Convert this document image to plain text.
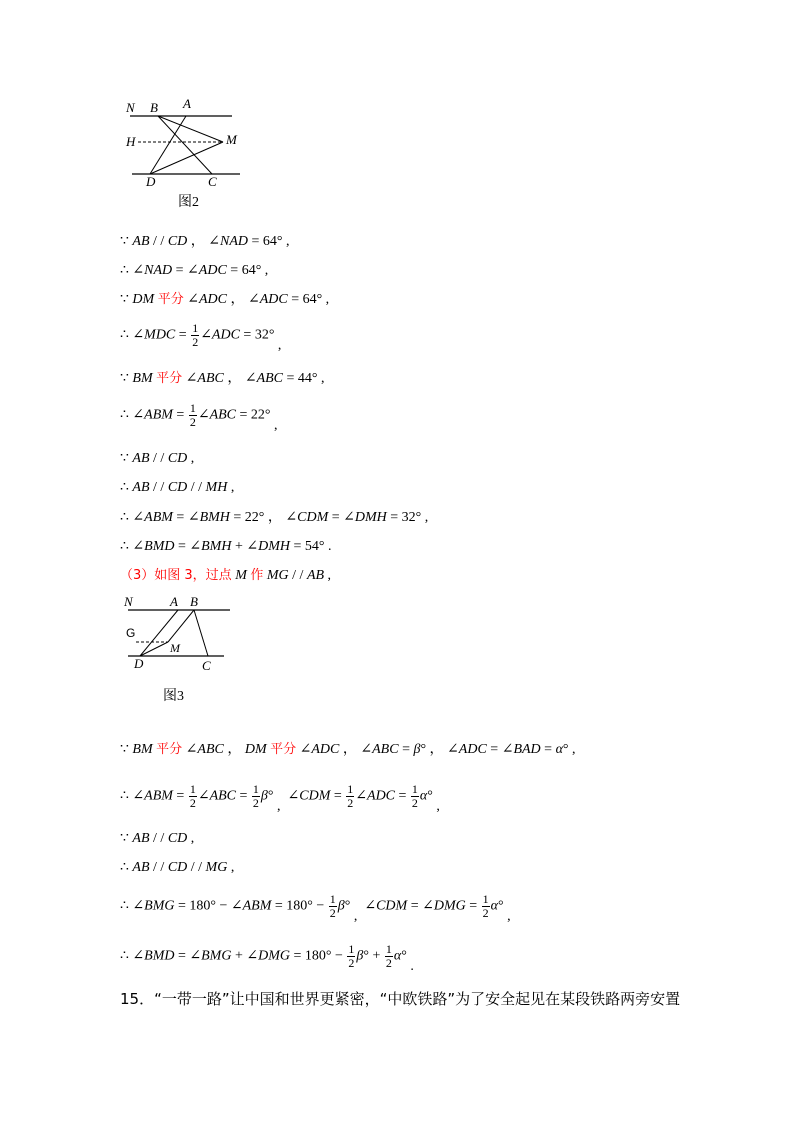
N B A
H	M
D	C
图2
∵ AB / / CD ， ∠NAD = 64° ,
∴ ∠NAD = ∠ADC = 64° ,
∵ DM 平分 ∠ADC ， ∠ADC = 64° ,
∴ ∠MDC = $\frac{1}{2}$ ∠ADC = 32° ,
∵ BM 平分 ∠ABC ， ∠ABC = 44° ,
∴ ∠ABM = $\frac{1}{2}$ ∠ABC = 22° ,
∵ AB / / CD ,
∴ AB / / CD / / MH ,
∴ ∠ABM = ∠BMH = 22° ， ∠CDM = ∠DMH = 32° ,
∴ ∠BMD = ∠BMH + ∠DMH = 54° .
（3）如图 3，过点 M 作 MG / / AB ,
N	A B
G
M
D	C
图3
∵ BM 平分 ∠ABC ， DM 平分 ∠ADC ， ∠ABC = β° ， ∠ADC = ∠BAD = α° ,
∴ ∠ABM = $\frac{1}{2}$ ∠ABC = $\frac{1}{2} \beta^\circ$ ,  ∠CDM = $\frac{1}{2}$ ∠ADC = $\frac{1}{2} \alpha^\circ$ ,
∵ AB / / CD ,
∴ AB / / CD / / MG ,
∴ ∠BMG = 180° − ∠ABM = $180^\circ - \frac{1}{2} \beta^\circ$ ,  ∠CDM = ∠DMG = $\frac{1}{2} \alpha^\circ$ ,
∴ ∠BMD = ∠BMG + ∠DMG = $180^\circ - \frac{1}{2} \beta^\circ + \frac{1}{2} \alpha^\circ$ .
15．“一带一路”让中国和世界更紧密，“中欧铁路”为了安全起见在某段铁路两旁安置
